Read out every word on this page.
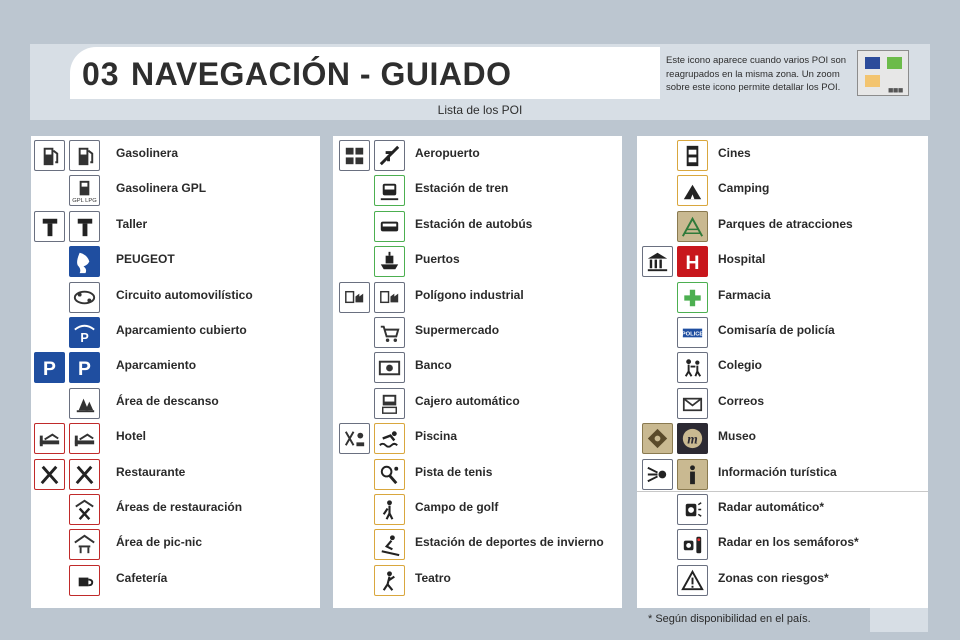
03 NAVEGACIÓN - GUIADO	Este icono aparece cuando varios POI son reagrupados en la misma zona. Un zoom sobre este icono permite detallar los POI.	■■■
Lista de los POI
Gasolinera
GPL LPG
Gasolinera GPL
Taller
PEUGEOT
Circuito automovilístico
P
Aparcamiento cubierto
P P Aparcamiento
Área de descanso
Hotel
Restaurante
Áreas de restauración
Área de pic-nic
Cafetería
Aeropuerto
Estación de tren
Estación de autobús
Puertos
Polígono industrial
Supermercado
Banco
Cajero automático
Piscina
Pista de tenis
Campo de golf
Estación de deportes de invierno
Teatro
Cines
Camping
Parques de atracciones
H Hospital
Farmacia
POLICE Comisaría de policía
Colegio
Correos
m Museo
Información turística
Radar automático*
Radar en los semáforos*
Zonas con riesgos*
* Según disponibilidad en el país.
